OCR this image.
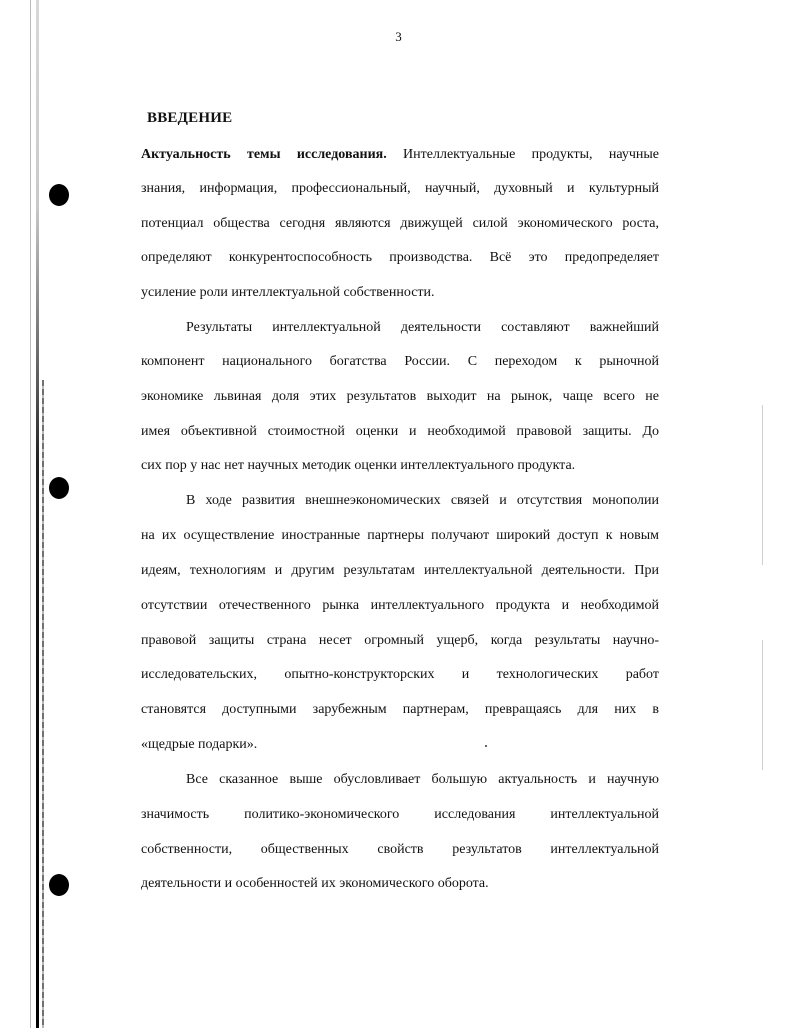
3
ВВЕДЕНИЕ
Актуальность темы исследования. Интеллектуальные продукты, научные
знания, информация, профессиональный, научный, духовный и культурный
потенциал общества сегодня являются движущей силой экономического роста,
определяют конкурентоспособность производства. Всё это предопределяет
усиление роли интеллектуальной собственности.
Результаты интеллектуальной деятельности составляют важнейший
компонент национального богатства России. С переходом к рыночной
экономике львиная доля этих результатов выходит на рынок, чаще всего не
имея объективной стоимостной оценки и необходимой правовой защиты. До
сих пор у нас нет научных методик оценки интеллектуального продукта.
В ходе развития внешнеэкономических связей и отсутствия монополии
на их осуществление иностранные партнеры получают широкий доступ к новым
идеям, технологиям и другим результатам интеллектуальной деятельности. При
отсутствии отечественного рынка интеллектуального продукта и необходимой
правовой защиты страна несет огромный ущерб, когда результаты научно-
исследовательских, опытно-конструкторских и технологических работ
становятся доступными зарубежным партнерам, превращаясь для них в
«щедрые подарки».
Все сказанное выше обусловливает большую актуальность и научную
значимость политико-экономического исследования интеллектуальной
собственности, общественных свойств результатов интеллектуальной
деятельности и особенностей их экономического оборота.
